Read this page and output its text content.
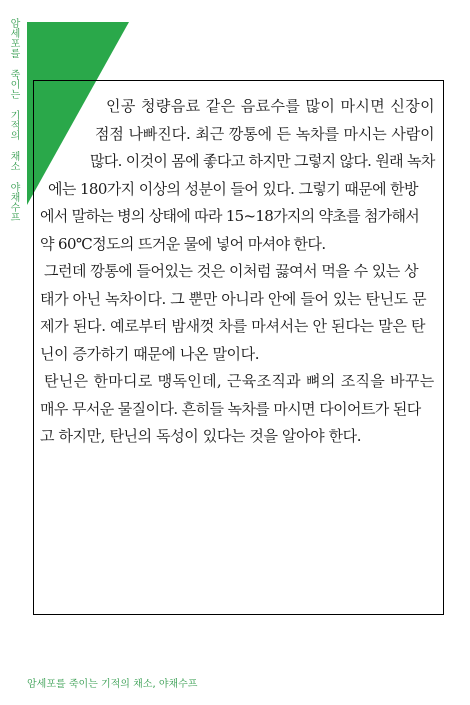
암세포를 죽이는 기적의 채소 야채수프	인공 청량음료 같은 음료수를 많이 마시면 신장이
점점 나빠진다. 최근 깡통에 든 녹차를 마시는 사람이
많다. 이것이 몸에 좋다고 하지만 그렇지 않다. 원래 녹차
에는 180가지 이상의 성분이 들어 있다. 그렇기 때문에 한방
에서 말하는 병의 상태에 따라 15~18가지의 약초를 첨가해서
약 60℃정도의 뜨거운 물에 넣어 마셔야 한다.

그런데 깡통에 들어있는 것은 이처럼 끓여서 먹을 수 있는 상
태가 아닌 녹차이다. 그 뿐만 아니라 안에 들어 있는 탄닌도 문
제가 된다. 예로부터 밤새껏 차를 마셔서는 안 된다는 말은 탄
닌이 증가하기 때문에 나온 말이다.

탄닌은 한마디로 맹독인데, 근육조직과 뼈의 조직을 바꾸는
매우 무서운 물질이다. 흔히들 녹차를 마시면 다이어트가 된다
고 하지만, 탄닌의 독성이 있다는 것을 알아야 한다.

암세포를 죽이는 기적의 채소, 야채수프
